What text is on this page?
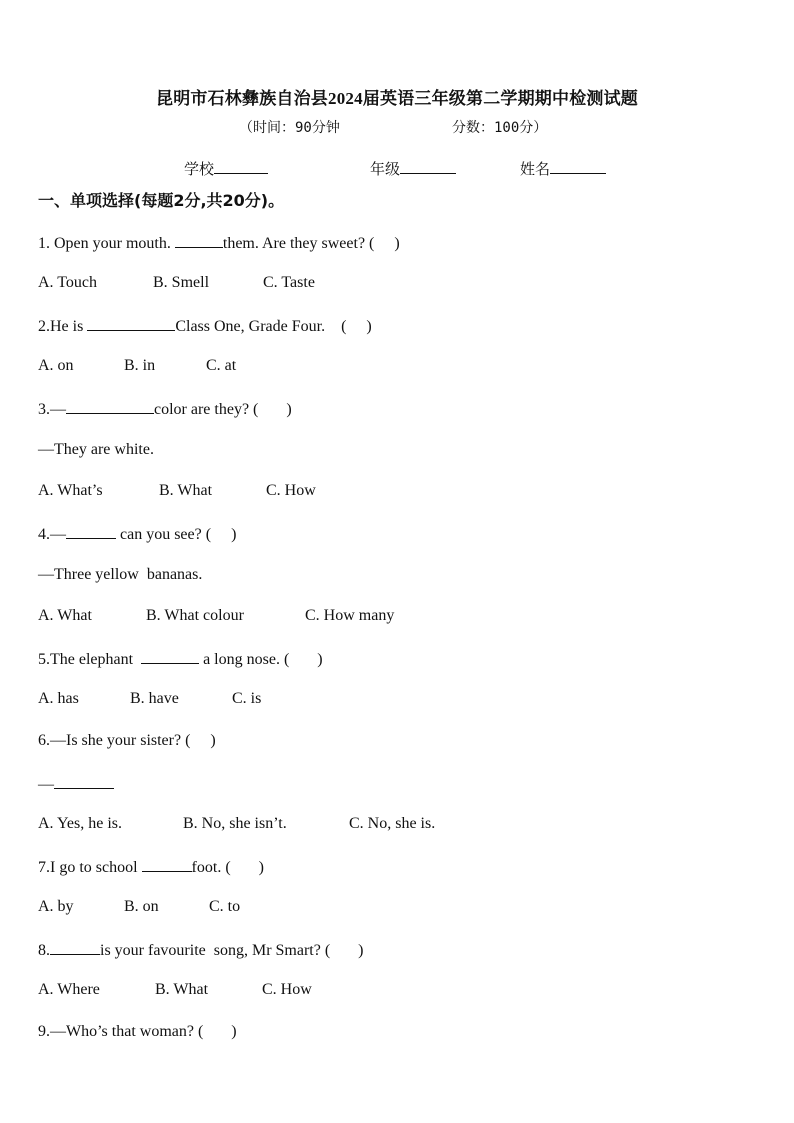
昆明市石林彝族自治县2024届英语三年级第二学期期中检测试题
（时间：90分钟	分数：100分）
学校	年级	姓名
一、单项选择(每题2分,共20分)。
1. Open your mouth.	them. Are they sweet? (     )
A. Touch	B. Smell	C. Taste
2.He is	Class One, Grade Four.    (     )
A. on	B. in	C. at
3.—	color are they? (       )
—They are white.
A. What’s	B. What	C. How
4.—	can you see? (     )
—Three yellow  bananas.
A. What	B. What colour	C. How many
5.The elephant	a long nose. (       )
A. has	B. have	C. is
6.—Is she your sister? (     )
—
A. Yes, he is.	B. No, she isn’t.	C. No, she is.
7.I go to school	foot. (       )
A. by	B. on	C. to
8.	is your favourite  song, Mr Smart? (       )
A. Where	B. What	C. How
9.—Who’s that woman? (       )
